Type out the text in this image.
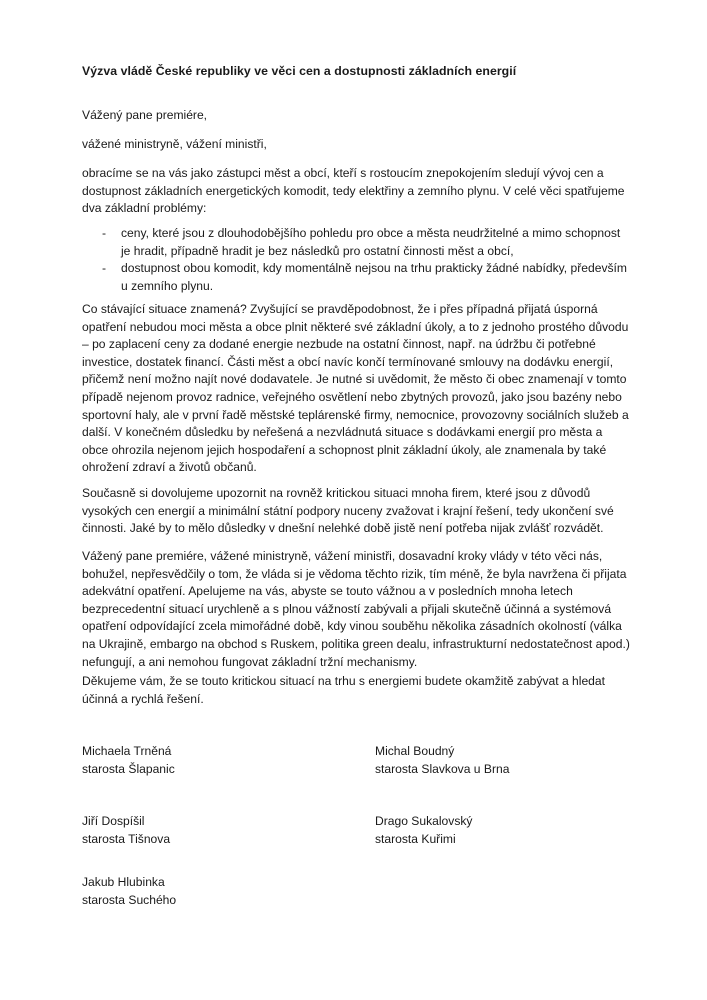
Výzva vládě České republiky ve věci cen a dostupnosti základních energií
Vážený pane premiére,
vážené ministryně, vážení ministři,

obracíme se na vás jako zástupci měst a obcí, kteří s rostoucím znepokojením sledují vývoj cen a dostupnost základních energetických komodit, tedy elektřiny a zemního plynu. V celé věci spatřujeme dva základní problémy:

- ceny, které jsou z dlouhodobějšího pohledu pro obce a města neudržitelné a mimo schopnost je hradit, případně hradit je bez následků pro ostatní činnosti měst a obcí,
- dostupnost obou komodit, kdy momentálně nejsou na trhu prakticky žádné nabídky, především u zemního plynu.

Co stávající situace znamená? Zvyšující se pravděpodobnost, že i přes případná přijatá úsporná opatření nebudou moci města a obce plnit některé své základní úkoly, a to z jednoho prostého důvodu – po zaplacení ceny za dodané energie nezbude na ostatní činnost, např. na údržbu či potřebné investice, dostatek financí. Části měst a obcí navíc končí termínované smlouvy na dodávku energií, přičemž není možno najít nové dodavatele. Je nutné si uvědomit, že město či obec znamenají v tomto případě nejenom provoz radnice, veřejného osvětlení nebo zbytných provozů, jako jsou bazény nebo sportovní haly, ale v první řadě městské teplárenské firmy, nemocnice, provozovny sociálních služeb a další. V konečném důsledku by neřešená a nezvládnutá situace s dodávkami energií pro města a obce ohrozila nejenom jejich hospodaření a schopnost plnit základní úkoly, ale znamenala by také ohrožení zdraví a životů občanů.

Současně si dovolujeme upozornit na rovněž kritickou situaci mnoha firem, které jsou z důvodů vysokých cen energií a minimální státní podpory nuceny zvažovat i krajní řešení, tedy ukončení své činnosti. Jaké by to mělo důsledky v dnešní nelehké době jistě není potřeba nijak zvlášť rozvádět.

Vážený pane premiére, vážené ministryně, vážení ministři, dosavadní kroky vlády v této věci nás, bohužel, nepřesvědčily o tom, že vláda si je vědoma těchto rizik, tím méně, že byla navržena či přijata adekvátní opatření. Apelujeme na vás, abyste se touto vážnou a v posledních mnoha letech bezprecedentní situací urychleně a s plnou vážností zabývali a přijali skutečně účinná a systémová opatření odpovídající zcela mimořádné době, kdy vinou souběhu několika zásadních okolností (válka na Ukrajině, embargo na obchod s Ruskem, politika green dealu, infrastrukturní nedostatečnost apod.) nefungují, a ani nemohou fungovat základní tržní mechanismy.

Děkujeme vám, že se touto kritickou situací na trhu s energiemi budete okamžitě zabývat a hledat účinná a rychlá řešení.

Michaela Trněná
starosta Šlapanic
Michal Boudný
starosta Slavkova u Brna
Jiří Dospíšil
starosta Tišnova
Drago Sukalovský
starosta Kuřimi
Jakub Hlubinka
starosta Suchého
